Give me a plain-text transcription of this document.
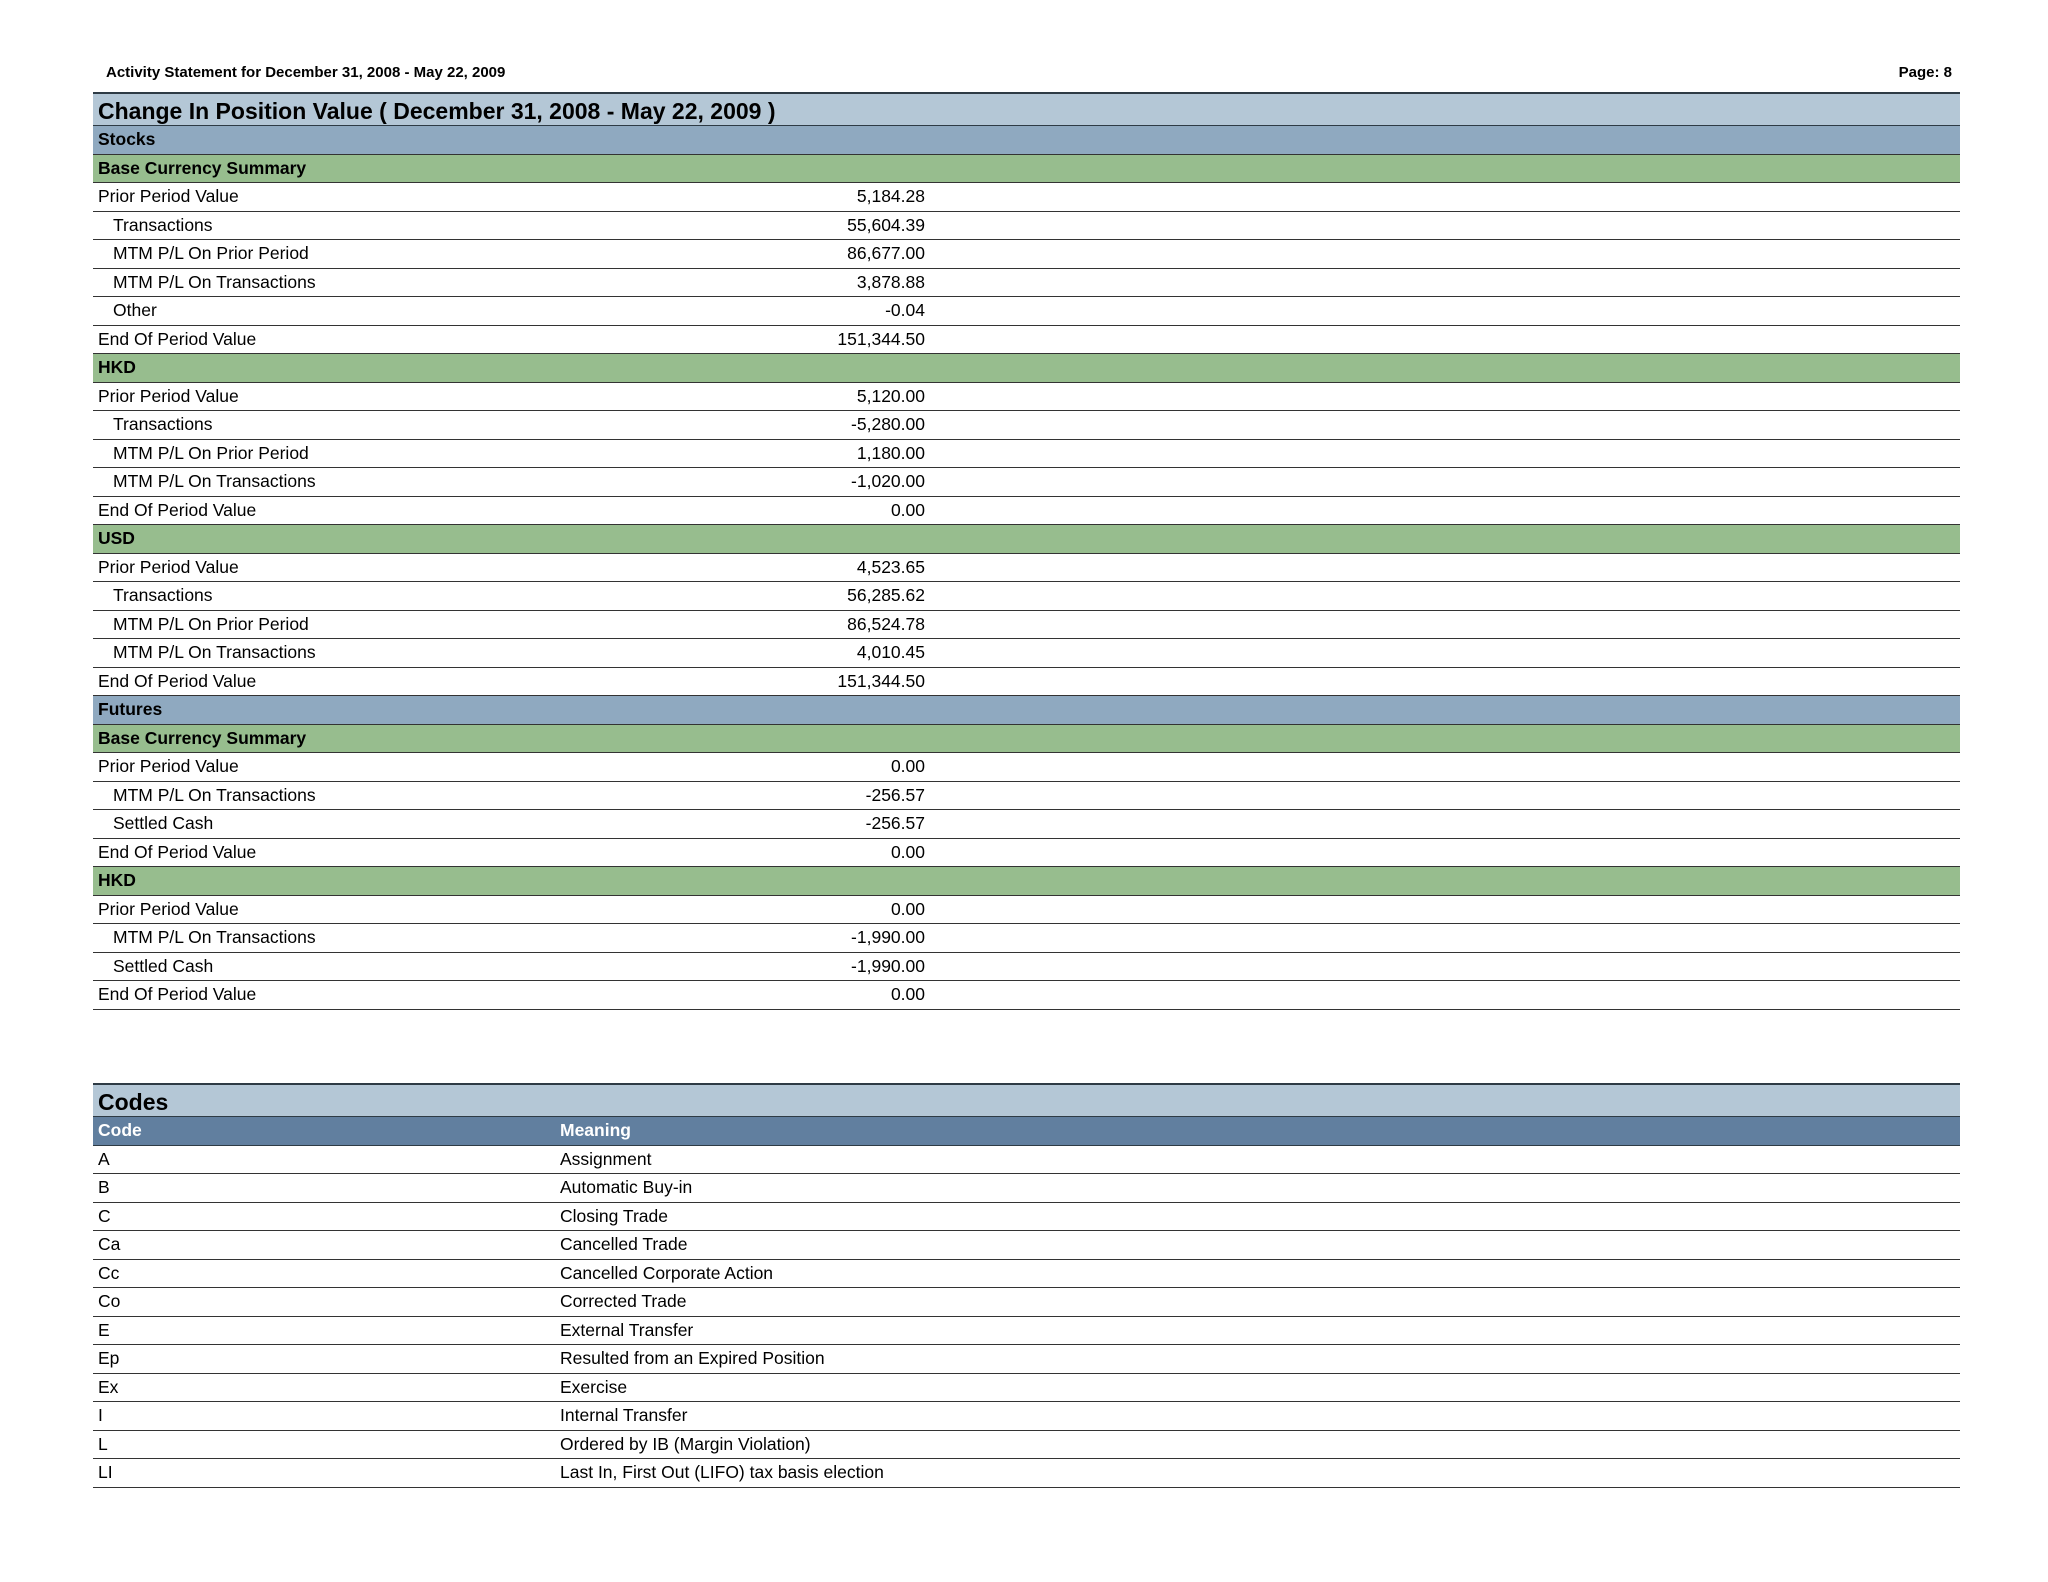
Activity Statement for December 31, 2008 - May 22, 2009	Page: 8
Change In Position Value ( December 31, 2008 - May 22, 2009 )
Stocks
Base Currency Summary
Prior Period Value	5,184.28
Transactions	55,604.39
MTM P/L On Prior Period	86,677.00
MTM P/L On Transactions	3,878.88
Other	-0.04
End Of Period Value	151,344.50
HKD
Prior Period Value	5,120.00
Transactions	-5,280.00
MTM P/L On Prior Period	1,180.00
MTM P/L On Transactions	-1,020.00
End Of Period Value	0.00
USD
Prior Period Value	4,523.65
Transactions	56,285.62
MTM P/L On Prior Period	86,524.78
MTM P/L On Transactions	4,010.45
End Of Period Value	151,344.50
Futures
Base Currency Summary
Prior Period Value	0.00
MTM P/L On Transactions	-256.57
Settled Cash	-256.57
End Of Period Value	0.00
HKD
Prior Period Value	0.00
MTM P/L On Transactions	-1,990.00
Settled Cash	-1,990.00
End Of Period Value	0.00
Codes
Code	Meaning
A	Assignment
B	Automatic Buy-in
C	Closing Trade
Ca	Cancelled Trade
Cc	Cancelled Corporate Action
Co	Corrected Trade
E	External Transfer
Ep	Resulted from an Expired Position
Ex	Exercise
I	Internal Transfer
L	Ordered by IB (Margin Violation)
LI	Last In, First Out (LIFO) tax basis election
